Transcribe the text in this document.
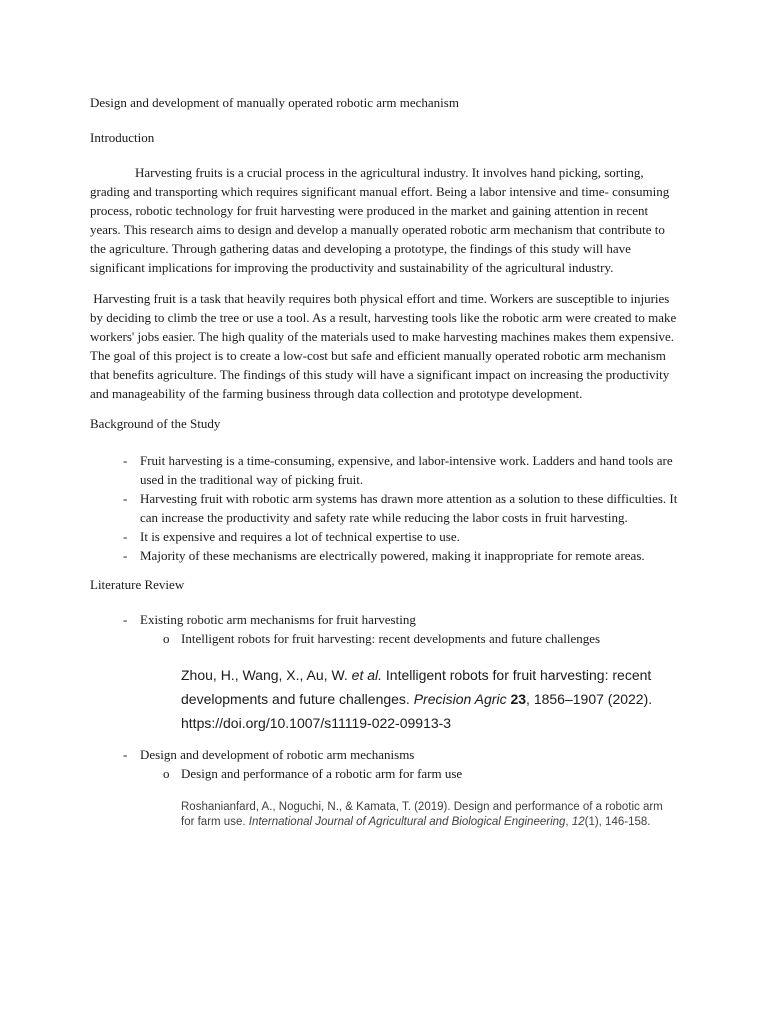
Design and development of manually operated robotic arm mechanism

Introduction

Harvesting fruits is a crucial process in the agricultural industry. It involves hand picking, sorting, grading and transporting which requires significant manual effort. Being a labor intensive and time- consuming process, robotic technology for fruit harvesting were produced in the market and gaining attention in recent years. This research aims to design and develop a manually operated robotic arm mechanism that contribute to the agriculture. Through gathering datas and developing a prototype, the findings of this study will have significant implications for improving the productivity and sustainability of the agricultural industry.

Harvesting fruit is a task that heavily requires both physical effort and time. Workers are susceptible to injuries by deciding to climb the tree or use a tool. As a result, harvesting tools like the robotic arm were created to make workers' jobs easier. The high quality of the materials used to make harvesting machines makes them expensive. The goal of this project is to create a low-cost but safe and efficient manually operated robotic arm mechanism that benefits agriculture. The findings of this study will have a significant impact on increasing the productivity and manageability of the farming business through data collection and prototype development.

Background of the Study

- Fruit harvesting is a time-consuming, expensive, and labor-intensive work. Ladders and hand tools are used in the traditional way of picking fruit.
- Harvesting fruit with robotic arm systems has drawn more attention as a solution to these difficulties. It can increase the productivity and safety rate while reducing the labor costs in fruit harvesting.
- It is expensive and requires a lot of technical expertise to use.
- Majority of these mechanisms are electrically powered, making it inappropriate for remote areas.

Literature Review

- Existing robotic arm mechanisms for fruit harvesting
o Intelligent robots for fruit harvesting: recent developments and future challenges

Zhou, H., Wang, X., Au, W. et al. Intelligent robots for fruit harvesting: recent developments and future challenges. Precision Agric 23, 1856–1907 (2022). https://doi.org/10.1007/s11119-022-09913-3

- Design and development of robotic arm mechanisms
o Design and performance of a robotic arm for farm use

Roshanianfard, A., Noguchi, N., & Kamata, T. (2019). Design and performance of a robotic arm for farm use. International Journal of Agricultural and Biological Engineering, 12(1), 146-158.
